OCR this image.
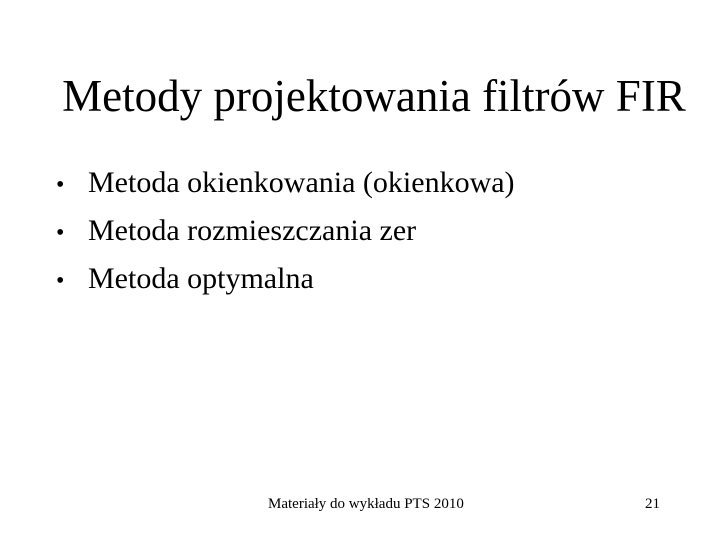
Metody projektowania filtrów FIR
• Metoda okienkowania (okienkowa)
• Metoda rozmieszczania zer
• Metoda optymalna
Materiały do wykładu PTS 2010	21
